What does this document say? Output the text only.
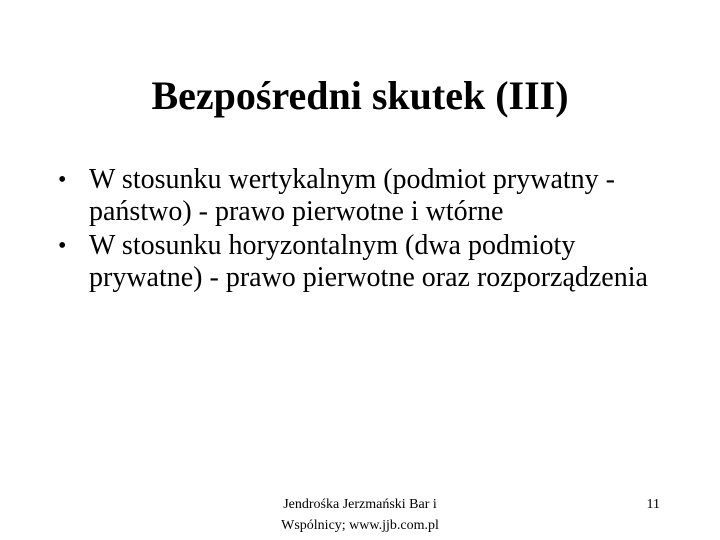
Bezpośredni skutek (III)
• W stosunku wertykalnym (podmiot prywatny - państwo) - prawo pierwotne i wtórne
• W stosunku horyzontalnym (dwa podmioty prywatne) - prawo pierwotne oraz rozporządzenia
Jendrośka Jerzmański Bar i
Wspólnicy; www.jjb.com.pl
11
